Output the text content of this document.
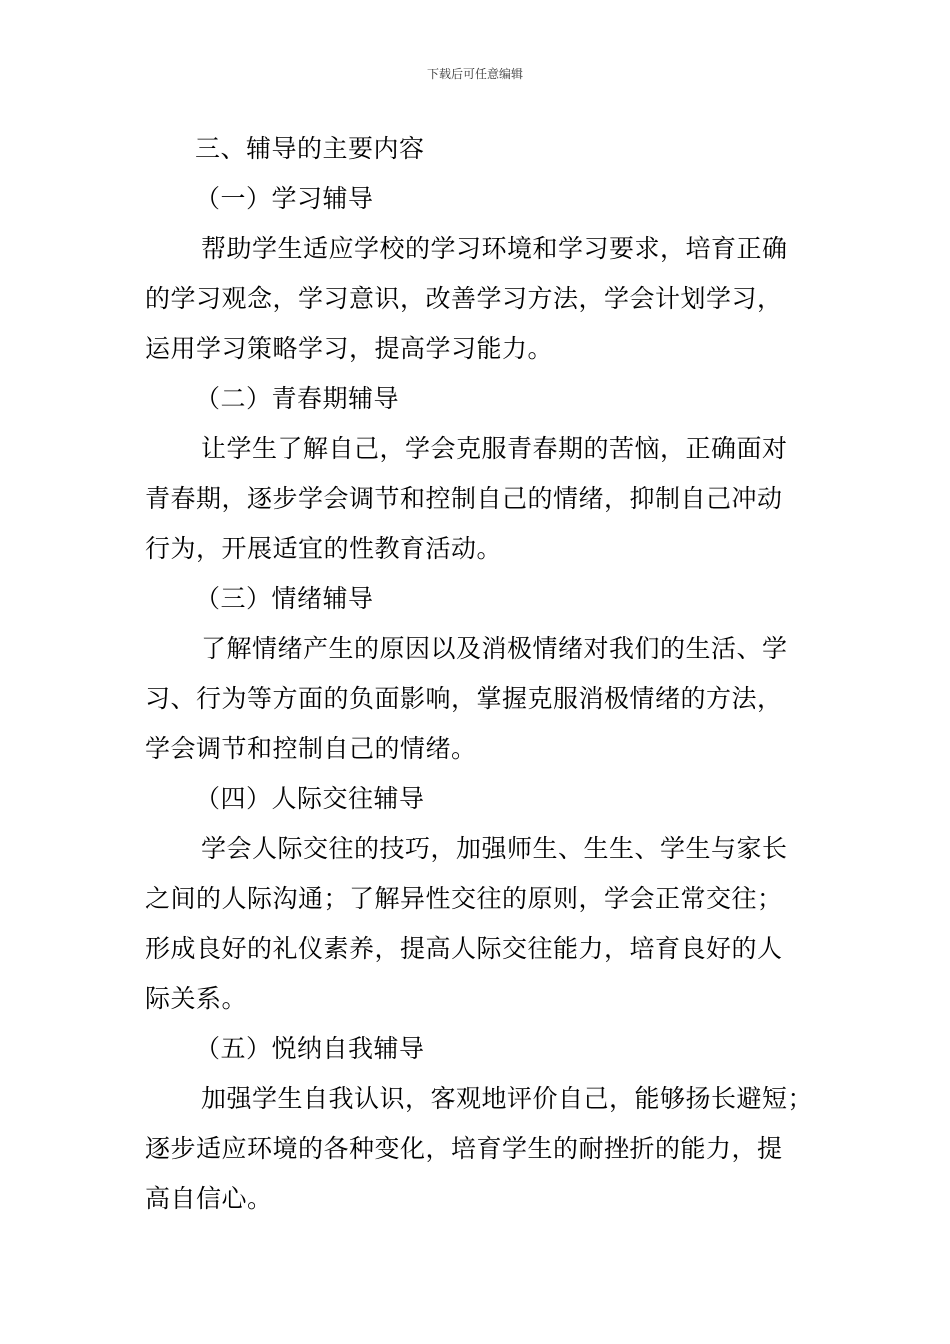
下载后可任意编辑
三、辅导的主要内容
（一）学习辅导
帮助学生适应学校的学习环境和学习要求，培育正确
的学习观念，学习意识，改善学习方法，学会计划学习，
运用学习策略学习，提高学习能力。
（二）青春期辅导
让学生了解自己，学会克服青春期的苦恼，正确面对
青春期，逐步学会调节和控制自己的情绪，抑制自己冲动
行为，开展适宜的性教育活动。
（三）情绪辅导
了解情绪产生的原因以及消极情绪对我们的生活、学
习、行为等方面的负面影响，掌握克服消极情绪的方法，
学会调节和控制自己的情绪。
（四）人际交往辅导
学会人际交往的技巧，加强师生、生生、学生与家长
之间的人际沟通；了解异性交往的原则，学会正常交往；
形成良好的礼仪素养，提高人际交往能力，培育良好的人
际关系。
（五）悦纳自我辅导
加强学生自我认识，客观地评价自己，能够扬长避短；
逐步适应环境的各种变化，培育学生的耐挫折的能力，提
高自信心。
